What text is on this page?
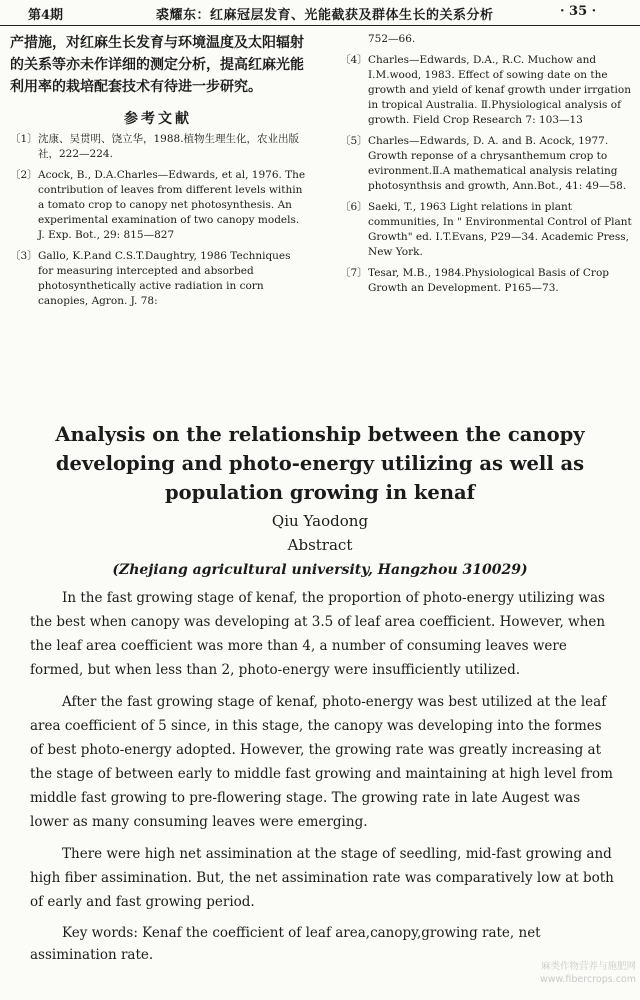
第4期	裘耀东：红麻冠层发育、光能截获及群体生长的关系分析	· 35 ·

产措施，对红麻生长发育与环境温度及太阳辐射的关系等亦未作详细的测定分析，提高红麻光能利用率的栽培配套技术有待进一步研究。

参考文献
〔1〕 沈康、吴贯明、饶立华，1988.植物生理生化，农业出版社，222—224.
〔2〕 Acock, B., D.A.Charles—Edwards, et al, 1976. The contribution of leaves from different levels within a tomato crop to canopy net photosynthesis. An experimental examination of two canopy models. J. Exp. Bot., 29: 815—827
〔3〕 Gallo, K.P.and C.S.T.Daughtry, 1986 Techniques for measuring intercepted and absorbed photosynthetically active radiation in corn canopies, Agron. J. 78:
752—66.
〔4〕 Charles—Edwards, D.A., R.C. Muchow and I.M.wood, 1983. Effect of sowing date on the growth and yield of kenaf growth under irrgation in tropical Australia. Ⅱ.Physiological analysis of growth. Field Crop Research 7: 103—13
〔5〕 Charles—Edwards, D. A. and B. Acock, 1977. Growth reponse of a chrysanthemum crop to evironment.Ⅱ.A mathematical analysis relating photosynthsis and growth, Ann.Bot., 41: 49—58.
〔6〕 Saeki, T., 1963 Light relations in plant communities, In " Environmental Control of Plant Growth" ed. I.T.Evans, P29—34. Academic Press, New York.
〔7〕 Tesar, M.B., 1984.Physiological Basis of Crop Growth an Development. P165—73.
Analysis on the relationship between the canopy
developing and photo-energy utilizing as well as
population growing in kenaf
Qiu Yaodong
Abstract
(Zhejiang agricultural university, Hangzhou 310029)

In the fast growing stage of kenaf, the proportion of photo-energy utilizing was the best when canopy was developing at 3.5 of leaf area coefficient. However, when the leaf area coefficient was more than 4, a number of consuming leaves were formed, but when less than 2, photo-energy were insufficiently utilized.

After the fast growing stage of kenaf, photo-energy was best utilized at the leaf area coefficient of 5 since, in this stage, the canopy was developing into the formes of best photo-energy adopted. However, the growing rate was greatly increasing at the stage of between early to middle fast growing and maintaining at high level from middle fast growing to pre-flowering stage. The growing rate in late Augest was lower as many consuming leaves were emerging.

There were high net assimination at the stage of seedling, mid-fast growing and high fiber assimination. But, the net assimination rate was comparatively low at both of early and fast growing period.

Key words: Kenaf the coefficient of leaf area,canopy,growing rate, net assimination rate.

麻类作物营养与施肥网
www.fibercrops.com
